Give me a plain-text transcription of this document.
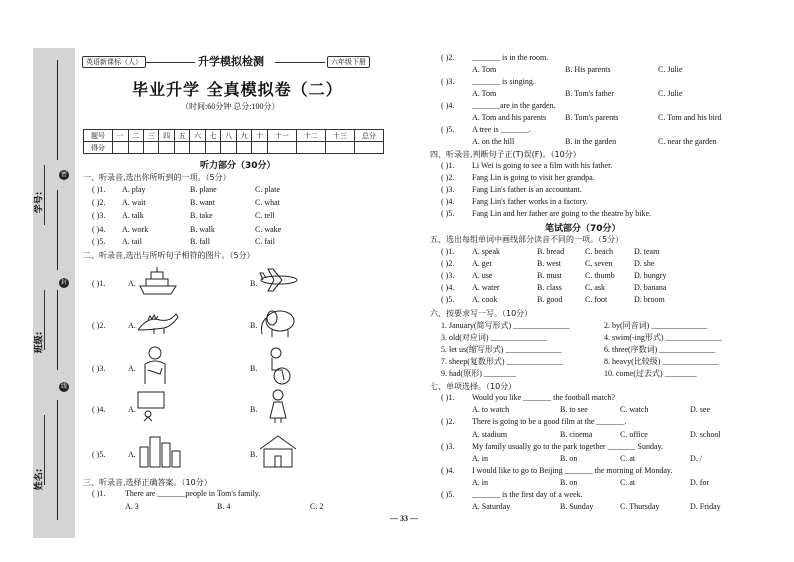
学号:
班级:
姓名:
密
封
线
英语新课标（人）	升学模拟检测	六年级下册
毕业升学 全真模拟卷（二）
（时间:60分钟 总分:100分）
题号	一	二	三	四	五	六	七	八	九	十	十一	十二	十三	总分
得分														
听力部分（30分）
一、听录音,选出你所听到的一项。（5分）
( )1. A. play	B. plane	C. plate
( )2. A. wait	B. want	C. what
( )3. A. talk	B. take	C. tell
( )4. A. work	B. walk	C. wake
( )5. A. tail	B. fall	C. fail
二、听录音,选出与所听句子相符的图片。（5分）
( )1.	A.	B.
( )2.	A.	B.
( )3.	A.	B.
( )4.	A.	B.
( )5.	A.	B.
三、听录音,选择正确答案。（10分）
( )1. There are _______people in Tom's family.
A. 3	B. 4	C. 2
( )2. _______ is in the room.
A. Tom	B. His parents	C. Julie
( )3. _______ is singing.
A. Tom	B. Tom's father	C. Julie
( )4. _______are in the garden.
A. Tom and his parents B. Tom's parents	C. Tom and his bird
( )5. A tree is _______.
A. on the hill	B. in the garden	C. near the garden
四、听录音,判断句子正(T)误(F)。（10分）
( )1. Li Wei is going to see a film with his father.
( )2. Fang Lin is going to visit her grandpa.
( )3. Fang Lin's father is an accountant.
( )4. Fang Lin's father works in a factory.
( )5. Fang Lin and her father are going to the theatre by bike.
笔试部分（70分）
五、选出每组单词中画线部分读音不同的一项。（5分）
( )1. A. speak	B. bread	C. beach	D. team
( )2. A. get	B. west	C. seven	D. she
( )3. A. use	B. must	C. thumb D. hungry
( )4. A. water	B. class	C. ask	D. banana
( )5. A. cook	B. good	C. foot	D. broom
六、按要求写一写。（10分）
1. January(简写形式) ______________	2. by(同音词) ______________
3. old(对应词) ______________	4. swim(-ing形式) ______________
5. let us(缩写形式) ______________	6. three(序数词) ______________
7. sheep(复数形式) ______________	8. heavy(比较级) ______________
9. had(原形) ________	10. come(过去式) ________
七、单项选择。（10分）
( )1. Would you like _______ the football match?
A. to watch	B. to see	C. watch	D. see
( )2. There is going to be a good film at the _______.
A. stadium	B. cinema	C. office	D. school
( )3. My family usually go to the park together _______ Sunday.
A. in	B. on	C. at	D. /
( )4. I would like to go to Beijing _______ the morning of Monday.
A. in	B. on	C. at	D. for
( )5. _______ is the first day of a week.
A. Saturday	B. Sunday	C. Thursday	D. Friday
— 33 —
